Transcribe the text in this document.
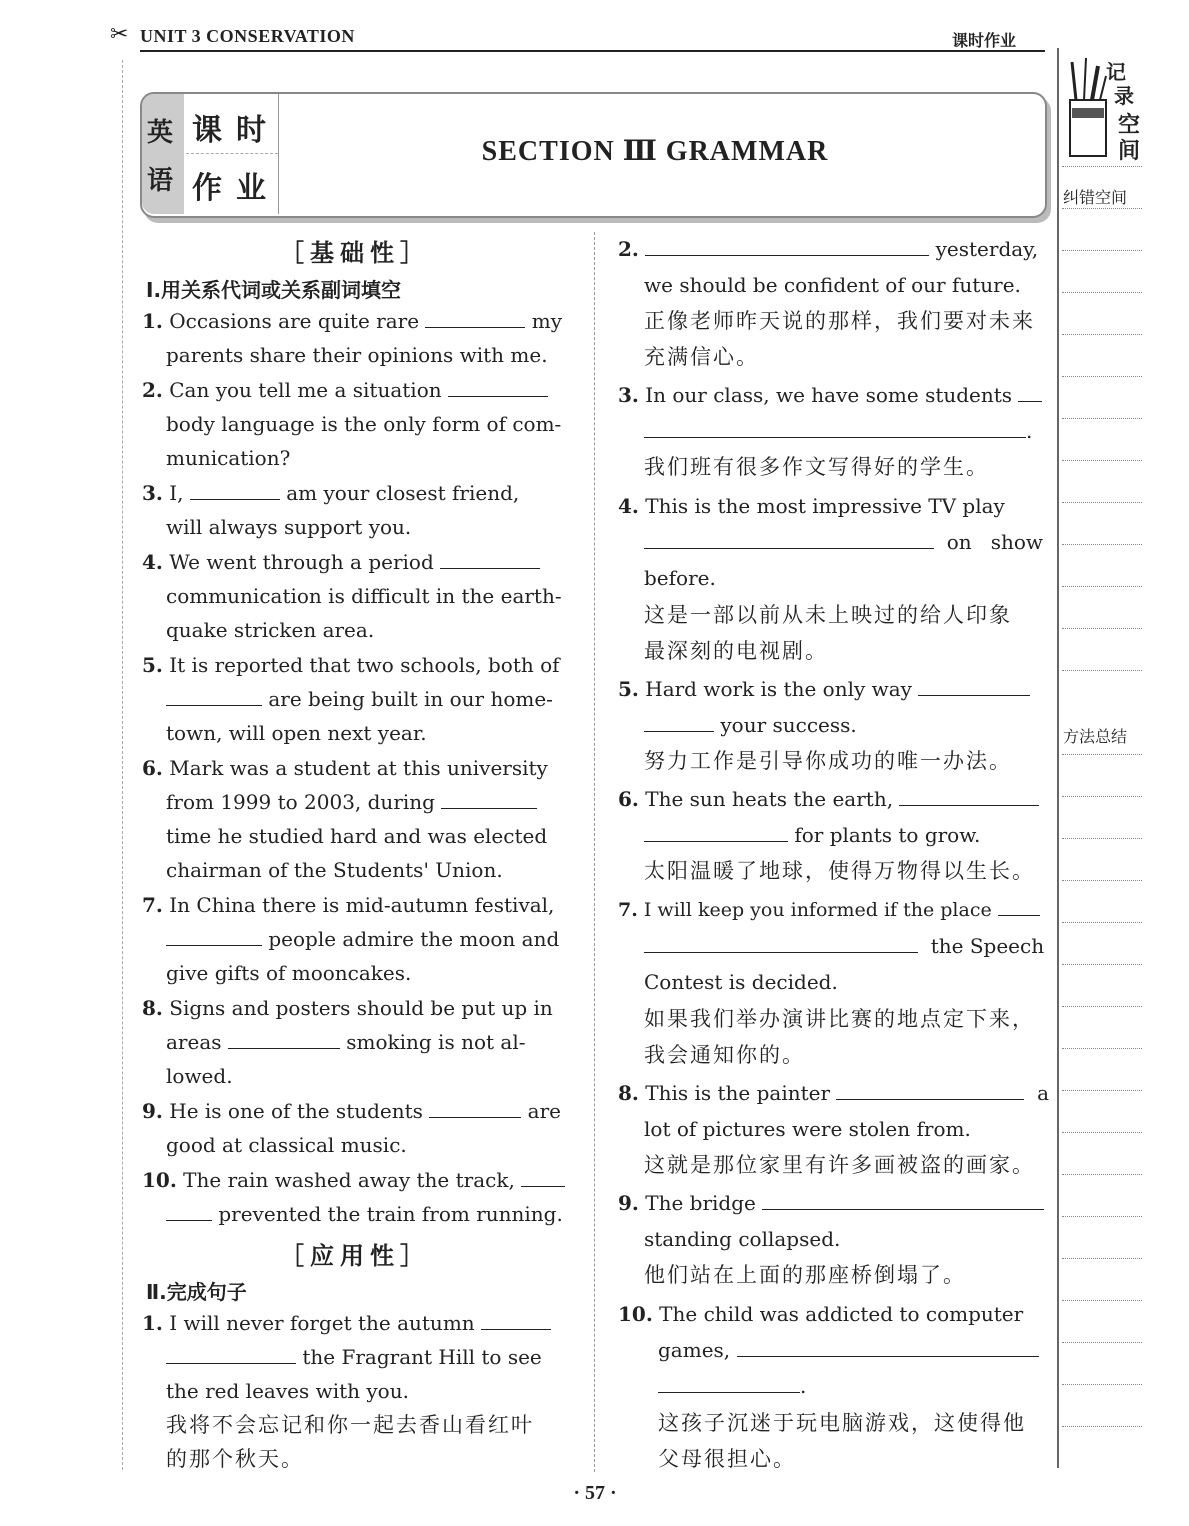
✂ UNIT 3 CONSERVATION	课时作业
英
语
课时
作业
SECTION Ⅲ GRAMMAR
记
录
空
间
纠错空间
方法总结
［基础性］
Ⅰ.用关系代词或关系副词填空
1. Occasions are quite rare	my
parents share their opinions with me.
2. Can you tell me a situation
body language is the only form of com-
munication?
3. I,	am your closest friend,
will always support you.
4. We went through a period
communication is difficult in the earth-
quake stricken area.
5. It is reported that two schools, both of
are being built in our home-
town, will open next year.
6. Mark was a student at this university
from 1999 to 2003, during
time he studied hard and was elected
chairman of the Students' Union.
7. In China there is mid-autumn festival,
people admire the moon and
give gifts of mooncakes.
8. Signs and posters should be put up in
areas	smoking is not al-
lowed.
9. He is one of the students	are
good at classical music.
10. The rain washed away the track,
prevented the train from running.
［应用性］
Ⅱ.完成句子
1. I will never forget the autumn
the Fragrant Hill to see
the red leaves with you.
我将不会忘记和你一起去香山看红叶
的那个秋天。
2.	yesterday,
we should be confident of our future.
正像老师昨天说的那样，我们要对未来
充满信心。
3. In our class, we have some students
.
我们班有很多作文写得好的学生。
4. This is the most impressive TV play
on   show
before.
这是一部以前从未上映过的给人印象
最深刻的电视剧。
5. Hard work is the only way
your success.
努力工作是引导你成功的唯一办法。
6. The sun heats the earth,
for plants to grow.
太阳温暖了地球，使得万物得以生长。
7. I will keep you informed if the place
the Speech
Contest is decided.
如果我们举办演讲比赛的地点定下来，
我会通知你的。
8. This is the painter	a
lot of pictures were stolen from.
这就是那位家里有许多画被盗的画家。
9. The bridge
standing collapsed.
他们站在上面的那座桥倒塌了。
10. The child was addicted to computer
games,
.
这孩子沉迷于玩电脑游戏，这使得他
父母很担心。
· 57 ·
